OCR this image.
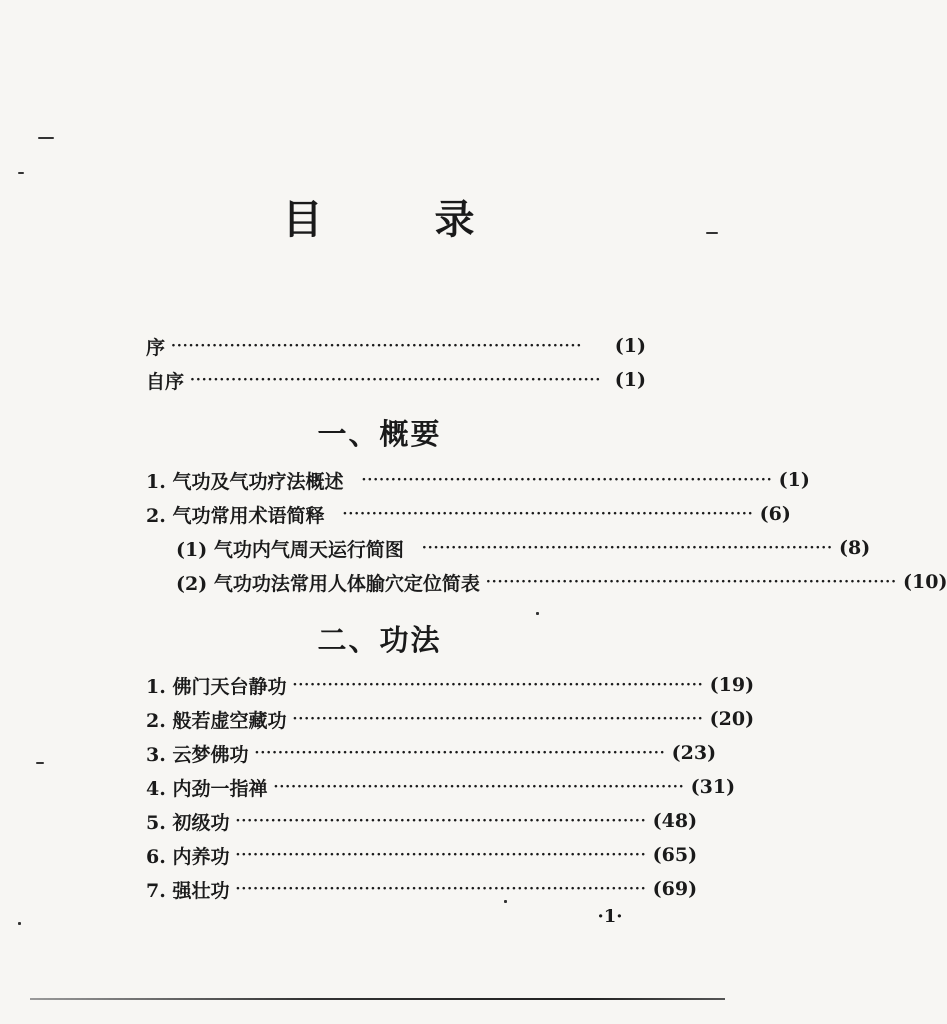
目	录
序 ······································································	(1)
自序 ······································································ (1)
一、概要
1. 气功及气功疗法概述 ······································································ (1)
2. 气功常用术语简释 ······································································ (6)
(1) 气功内气周天运行简图 ······································································ (8)
(2) 气功功法常用人体腧穴定位简表 ······································································ (10)
二、功法
1. 佛门天台静功 ······································································ (19)
2. 般若虚空藏功 ······································································ (20)
3. 云梦佛功 ······································································ (23)
4. 内劲一指禅 ······································································ (31)
5. 初级功 ······································································ (48)
6. 内养功 ······································································ (65)
7. 强壮功 ······································································ (69)
·1·
